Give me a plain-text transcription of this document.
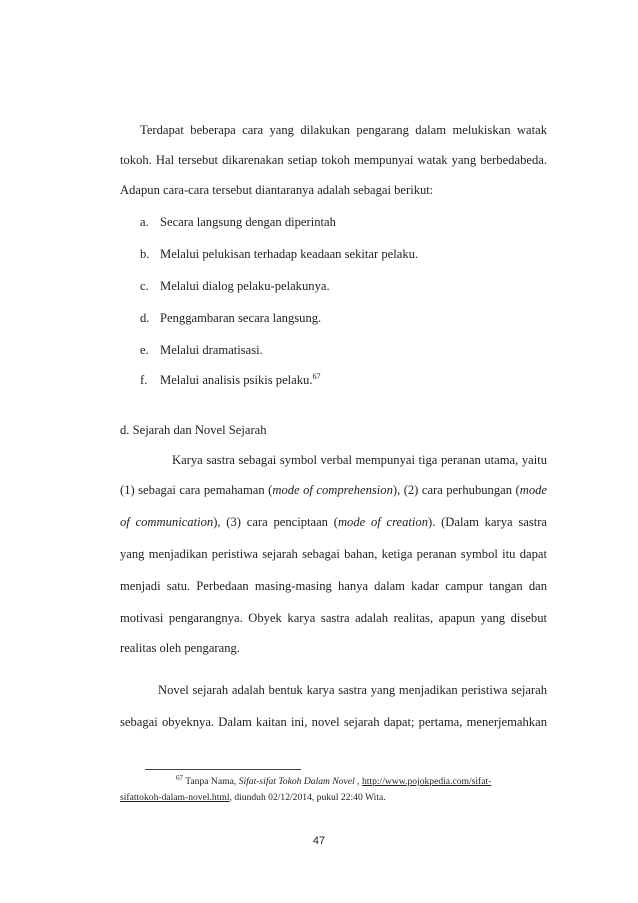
Terdapat beberapa cara yang dilakukan pengarang dalam melukiskan watak
tokoh. Hal tersebut dikarenakan setiap tokoh mempunyai watak yang berbedabeda.
Adapun cara-cara tersebut diantaranya adalah sebagai berikut:
a. Secara langsung dengan diperintah
b. Melalui pelukisan terhadap keadaan sekitar pelaku.
c. Melalui dialog pelaku-pelakunya.
d. Penggambaran secara langsung.
e. Melalui dramatisasi.
f. Melalui analisis psikis pelaku.$^{67}$
d. Sejarah dan Novel Sejarah
Karya sastra sebagai symbol verbal mempunyai tiga peranan utama, yaitu
(1) sebagai cara pemahaman (mode of comprehension), (2) cara perhubungan (mode
of communication), (3) cara penciptaan (mode of creation). (Dalam karya sastra
yang menjadikan peristiwa sejarah sebagai bahan, ketiga peranan symbol itu dapat
menjadi satu. Perbedaan masing-masing hanya dalam kadar campur tangan dan
motivasi pengarangnya. Obyek karya sastra adalah realitas, apapun yang disebut
realitas oleh pengarang.
Novel sejarah adalah bentuk karya sastra yang menjadikan peristiwa sejarah
sebagai obyeknya. Dalam kaitan ini, novel sejarah dapat; pertama, menerjemahkan
$^{67}$ Tanpa Nama, Sifat-sifat Tokoh Dalam Novel , http://www.pojokpedia.com/sifat-
sifattokoh-dalam-novel.html, diunduh 02/12/2014, pukul 22:40 Wita.
47
